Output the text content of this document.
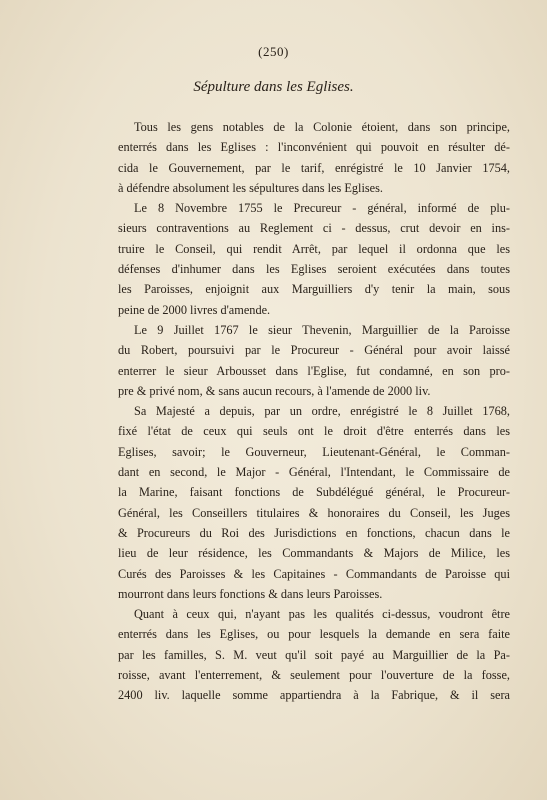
(250)
Sépulture dans les Eglises.

Tous les gens notables de la Colonie étoient, dans son principe,
enterrés dans les Eglises : l'inconvénient qui pouvoit en résulter dé-
cida le Gouvernement, par le tarif, enrégistré le 10 Janvier 1754,
à défendre absolument les sépultures dans les Eglises.

Le 8 Novembre 1755 le Precureur - général, informé de plu-
sieurs contraventions au Reglement ci - dessus, crut devoir en ins-
truire le Conseil, qui rendit Arrêt, par lequel il ordonna que les
défenses d'inhumer dans les Eglises seroient exécutées dans toutes
les Paroisses, enjoignit aux Marguilliers d'y tenir la main, sous
peine de 2000 livres d'amende.

Le 9 Juillet 1767 le sieur Thevenin, Marguillier de la Paroisse
du Robert, poursuivi par le Procureur - Général pour avoir laissé
enterrer le sieur Arbousset dans l'Eglise, fut condamné, en son pro-
pre & privé nom, & sans aucun recours, à l'amende de 2000 liv.

Sa Majesté a depuis, par un ordre, enrégistré le 8 Juillet 1768,
fixé l'état de ceux qui seuls ont le droit d'être enterrés dans les
Eglises, savoir; le Gouverneur, Lieutenant-Général, le Comman-
dant en second, le Major - Général, l'Intendant, le Commissaire de
la Marine, faisant fonctions de Subdélégué général, le Procureur-
Général, les Conseillers titulaires & honoraires du Conseil, les Juges
& Procureurs du Roi des Jurisdictions en fonctions, chacun dans le
lieu de leur résidence, les Commandants & Majors de Milice, les
Curés des Paroisses & les Capitaines - Commandants de Paroisse qui
mourront dans leurs fonctions & dans leurs Paroisses.

Quant à ceux qui, n'ayant pas les qualités ci-dessus, voudront être
enterrés dans les Eglises, ou pour lesquels la demande en sera faite
par les familles, S. M. veut qu'il soit payé au Marguillier de la Pa-
roisse, avant l'enterrement, & seulement pour l'ouverture de la fosse,
2400 liv. laquelle somme appartiendra à la Fabrique, & il sera
